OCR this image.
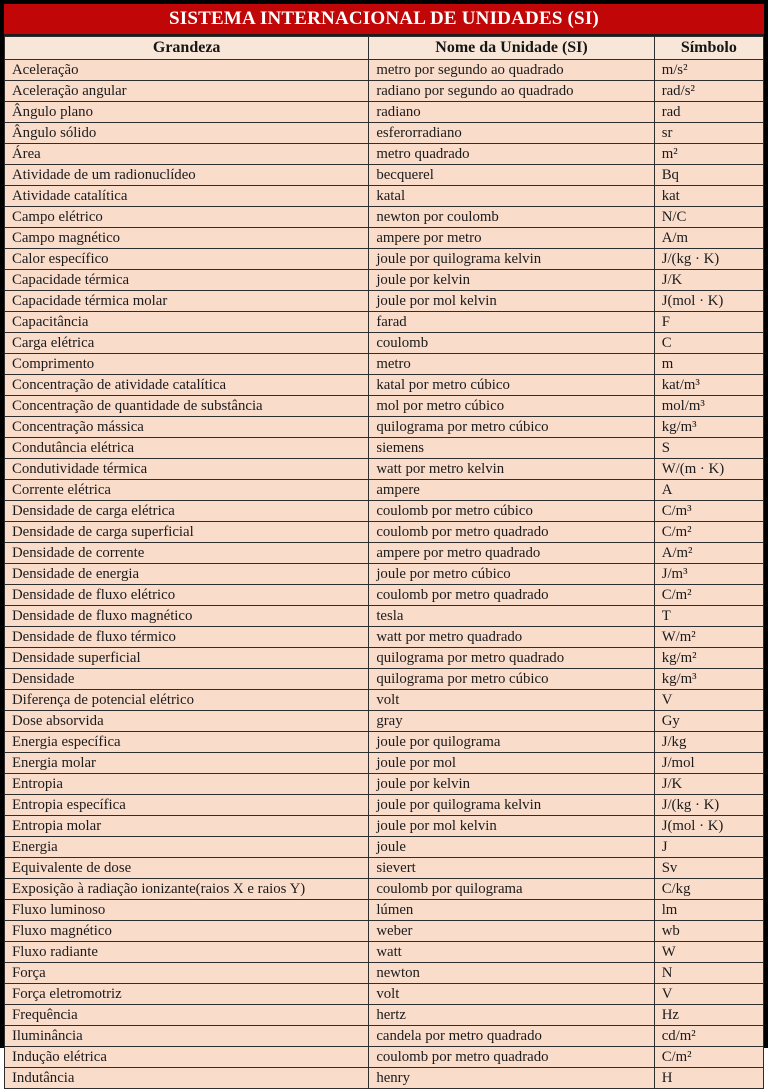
SISTEMA INTERNACIONAL DE UNIDADES (SI)
Grandeza	Nome da Unidade (SI)	Símbolo
Aceleração	metro por segundo ao quadrado	m/s²
Aceleração angular	radiano por segundo ao quadrado	rad/s²
Ângulo plano	radiano	rad
Ângulo sólido	esferorradiano	sr
Área	metro quadrado	m²
Atividade de um radionuclídeo	becquerel	Bq
Atividade catalítica	katal	kat
Campo elétrico	newton por coulomb	N/C
Campo magnético	ampere por metro	A/m
Calor específico	joule por quilograma kelvin	J/(kg · K)
Capacidade térmica	joule por kelvin	J/K
Capacidade térmica molar	joule por mol kelvin	J(mol · K)
Capacitância	farad	F
Carga elétrica	coulomb	C
Comprimento	metro	m
Concentração de atividade catalítica	katal por metro cúbico	kat/m³
Concentração de quantidade de substância	mol por metro cúbico	mol/m³
Concentração mássica	quilograma por metro cúbico	kg/m³
Condutância elétrica	siemens	S
Condutividade térmica	watt por metro kelvin	W/(m · K)
Corrente elétrica	ampere	A
Densidade de carga elétrica	coulomb por metro cúbico	C/m³
Densidade de carga superficial	coulomb por metro quadrado	C/m²
Densidade de corrente	ampere por metro quadrado	A/m²
Densidade de energia	joule por metro cúbico	J/m³
Densidade de fluxo elétrico	coulomb por metro quadrado	C/m²
Densidade de fluxo magnético	tesla	T
Densidade de fluxo térmico	watt por metro quadrado	W/m²
Densidade superficial	quilograma por metro quadrado	kg/m²
Densidade	quilograma por metro cúbico	kg/m³
Diferença de potencial elétrico	volt	V
Dose absorvida	gray	Gy
Energia específica	joule por quilograma	J/kg
Energia molar	joule por mol	J/mol
Entropia	joule por kelvin	J/K
Entropia específica	joule por quilograma kelvin	J/(kg · K)
Entropia molar	joule por mol kelvin	J(mol · K)
Energia	joule	J
Equivalente de dose	sievert	Sv
Exposição à radiação ionizante(raios X e raios Y)	coulomb por quilograma	C/kg
Fluxo luminoso	lúmen	lm
Fluxo magnético	weber	wb
Fluxo radiante	watt	W
Força	newton	N
Força eletromotriz	volt	V
Frequência	hertz	Hz
Iluminância	candela por metro quadrado	cd/m²
Indução elétrica	coulomb por metro quadrado	C/m²
Indutância	henry	H
